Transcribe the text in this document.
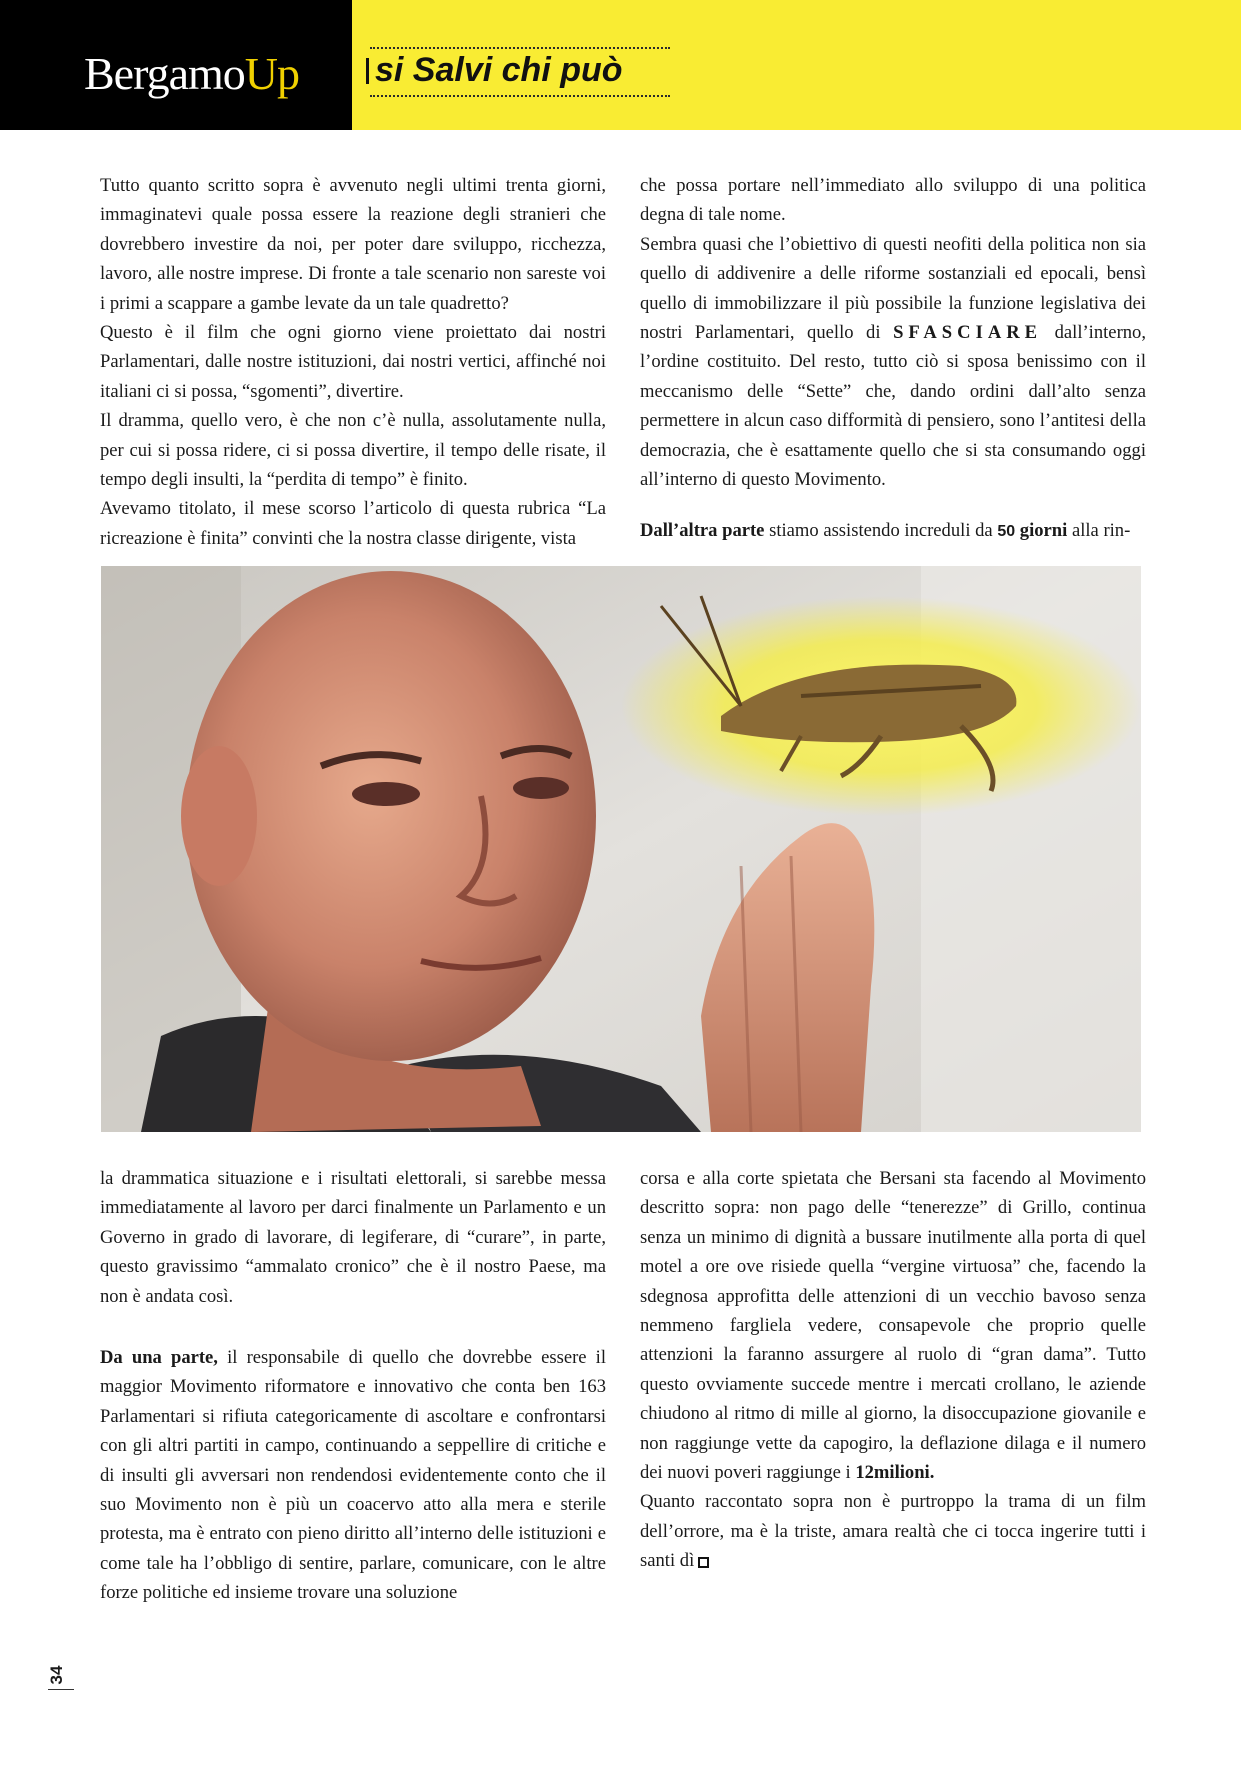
BergamoUp si Salvi chi può

Tutto quanto scritto sopra è avvenuto negli ultimi trenta giorni, immaginatevi quale possa essere la reazione degli stranieri che dovrebbero investire da noi, per poter dare sviluppo, ricchezza, lavoro, alle nostre imprese. Di fronte a tale scenario non sareste voi i primi a scappare a gambe levate da un tale quadretto?

Questo è il film che ogni giorno viene proiettato dai nostri Parlamentari, dalle nostre istituzioni, dai nostri vertici, affinché noi italiani ci si possa, “sgomenti”, divertire.

Il dramma, quello vero, è che non c’è nulla, assolutamente nulla, per cui si possa ridere, ci si possa divertire, il tempo delle risate, il tempo degli insulti, la “perdita di tempo” è finito.

Avevamo titolato, il mese scorso l’articolo di questa rubrica “La ricreazione è finita” convinti che la nostra classe dirigente, vista

che possa portare nell’immediato allo sviluppo di una politica degna di tale nome.

Sembra quasi che l’obiettivo di questi neofiti della politica non sia quello di addivenire a delle riforme sostanziali ed epocali, bensì quello di immobilizzare il più possibile la funzione legislativa dei nostri Parlamentari, quello di SFASCIARE dall’interno, l’ordine costituito. Del resto, tutto ciò si sposa benissimo con il meccanismo delle “Sette” che, dando ordini dall’alto senza permettere in alcun caso difformità di pensiero, sono l’antitesi della democrazia, che è esattamente quello che si sta consumando oggi all’interno di questo Movimento.

Dall’altra parte stiamo assistendo increduli da 50 giorni alla rin-

la drammatica situazione e i risultati elettorali, si sarebbe messa immediatamente al lavoro per darci finalmente un Parlamento e un Governo in grado di lavorare, di legiferare, di “curare”, in parte, questo gravissimo “ammalato cronico” che è il nostro Paese, ma non è andata così.

Da una parte, il responsabile di quello che dovrebbe essere il maggior Movimento riformatore e innovativo che conta ben 163 Parlamentari si rifiuta categoricamente di ascoltare e confrontarsi con gli altri partiti in campo, continuando a seppellire di critiche e di insulti gli avversari non rendendosi evidentemente conto che il suo Movimento non è più un coacervo atto alla mera e sterile protesta, ma è entrato con pieno diritto all’interno delle istituzioni e come tale ha l’obbligo di sentire, parlare, comunicare, con le altre forze politiche ed insieme trovare una soluzione

corsa e alla corte spietata che Bersani sta facendo al Movimento descritto sopra: non pago delle “tenerezze” di Grillo, continua senza un minimo di dignità a bussare inutilmente alla porta di quel motel a ore ove risiede quella “vergine virtuosa” che, facendo la sdegnosa approfitta delle attenzioni di un vecchio bavoso senza nemmeno fargliela vedere, consapevole che proprio quelle attenzioni la faranno assurgere al ruolo di “gran dama”. Tutto questo ovviamente succede mentre i mercati crollano, le aziende chiudono al ritmo di mille al giorno, la disoccupazione giovanile e non raggiunge vette da capogiro, la deflazione dilaga e il numero dei nuovi poveri raggiunge i 12milioni.

Quanto raccontato sopra non è purtroppo la trama di un film dell’orrore, ma è la triste, amara realtà che ci tocca ingerire tutti i santi dì

34
